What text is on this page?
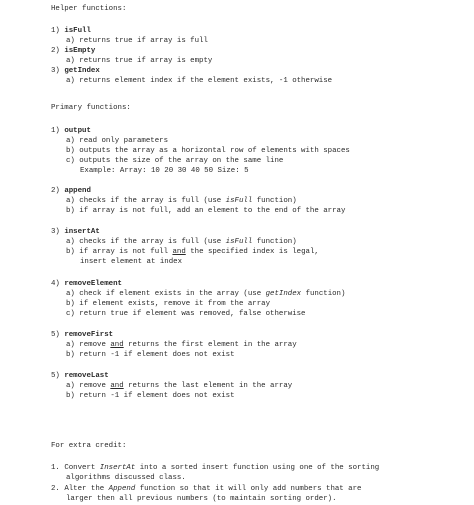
Helper functions:
1) isFull
a) returns true if array is full
2) isEmpty
a) returns true if array is empty
3) getIndex
a) returns element index if the element exists, -1 otherwise
Primary functions:
1) output
a) read only parameters
b) outputs the array as a horizontal row of elements with spaces
c) outputs the size of the array on the same line
Example: Array: 10 20 30 40 50 Size: 5
2) append
a) checks if the array is full (use isFull function)
b) if array is not full, add an element to the end of the array
3) insertAt
a) checks if the array is full (use isFull function)
b) if array is not full and the specified index is legal,
insert element at index
4) removeElement
a) check if element exists in the array (use getIndex function)
b) if element exists, remove it from the array
c) return true if element was removed, false otherwise
5) removeFirst
a) remove and returns the first element in the array
b) return -1 if element does not exist
5) removeLast
a) remove and returns the last element in the array
b) return -1 if element does not exist
For extra credit:
1. Convert InsertAt into a sorted insert function using one of the sorting
algorithms discussed class.
2. Alter the Append function so that it will only add numbers that are
larger then all previous numbers (to maintain sorting order).
